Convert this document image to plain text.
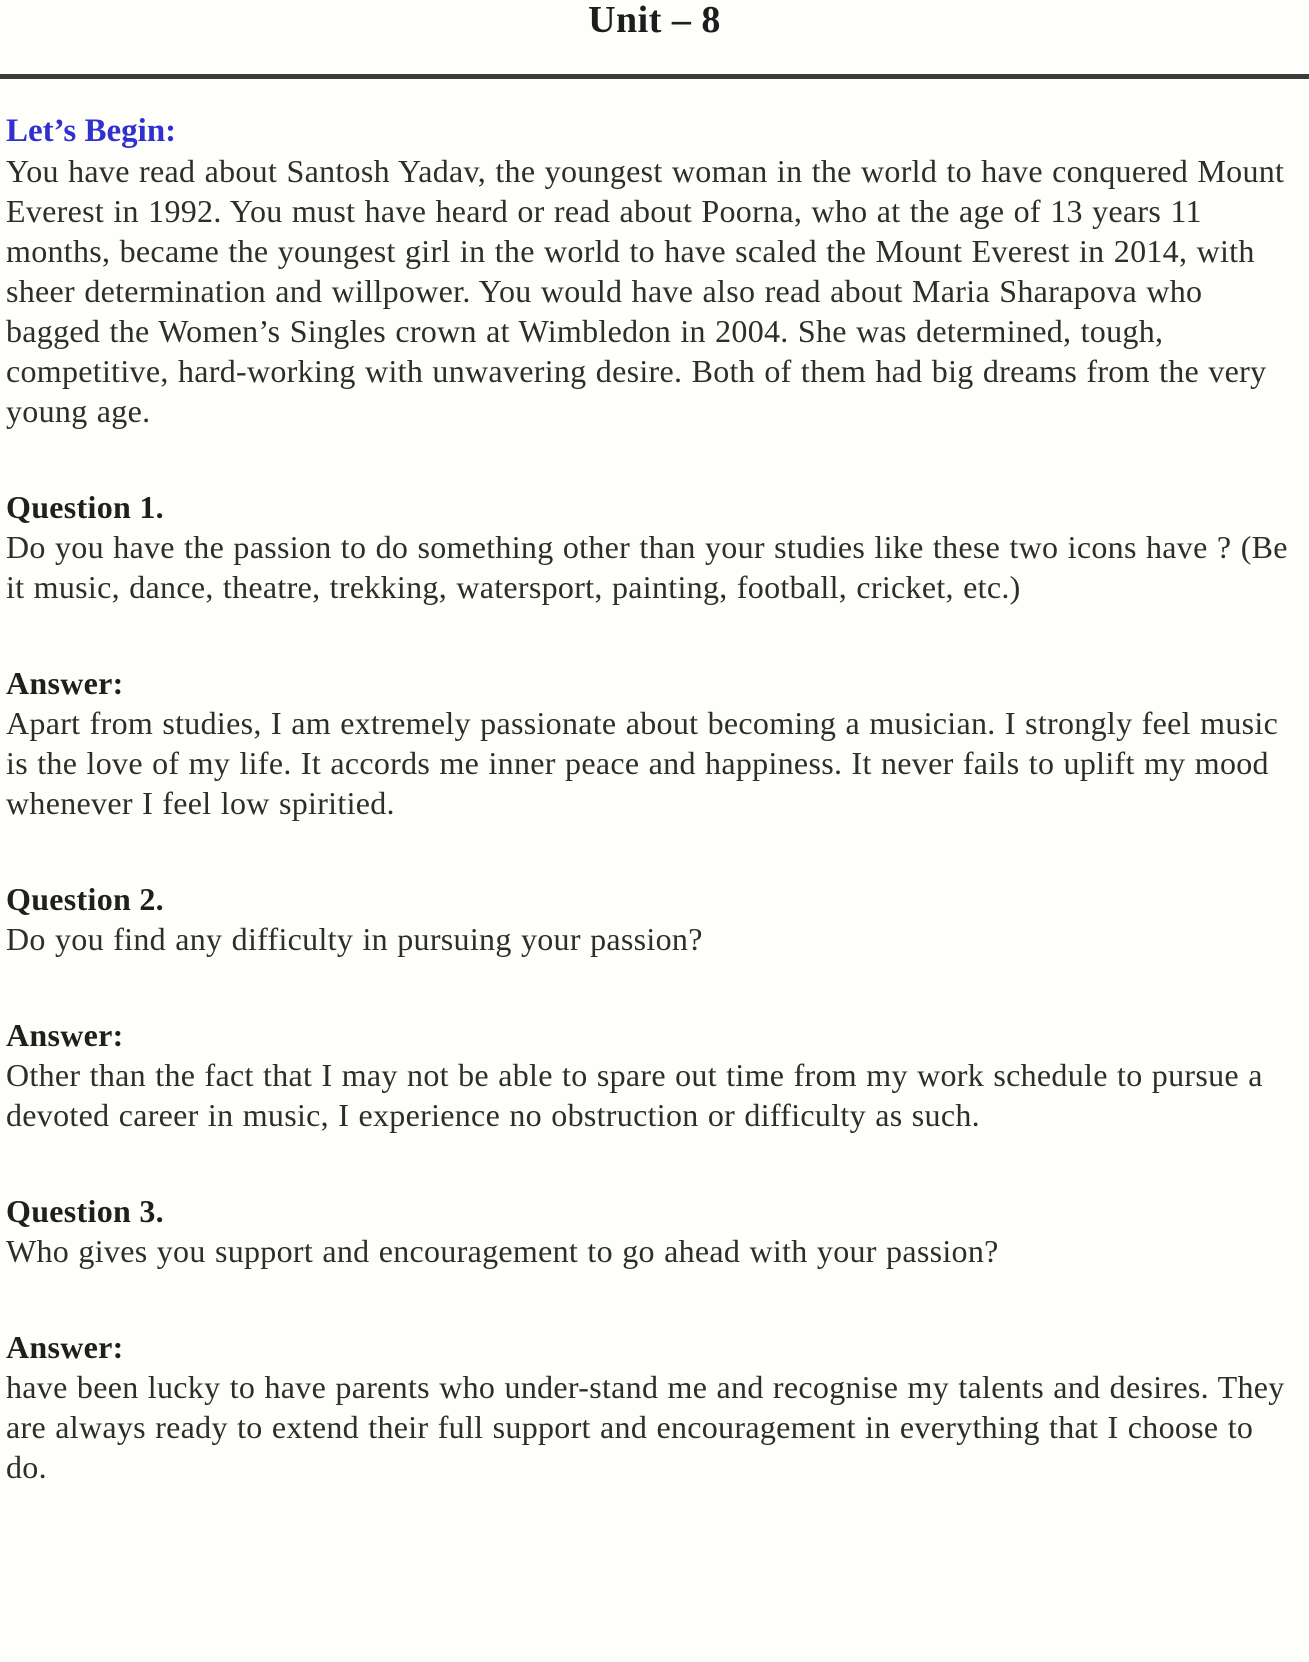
Unit – 8
Let’s Begin:

You have read about Santosh Yadav, the youngest woman in the world to have conquered Mount Everest in 1992. You must have heard or read about Poorna, who at the age of 13 years 11 months, became the youngest girl in the world to have scaled the Mount Everest in 2014, with sheer determination and willpower. You would have also read about Maria Sharapova who bagged the Women’s Singles crown at Wimbledon in 2004. She was determined, tough, competitive, hard-working with unwavering desire. Both of them had big dreams from the very young age.

Question 1.

Do you have the passion to do something other than your studies like these two icons have ? (Be it music, dance, theatre, trekking, watersport, painting, football, cricket, etc.)

Answer:

Apart from studies, I am extremely passionate about becoming a musician. I strongly feel music is the love of my life. It accords me inner peace and happiness. It never fails to uplift my mood whenever I feel low spiritied.

Question 2.

Do you find any difficulty in pursuing your passion?

Answer:

Other than the fact that I may not be able to spare out time from my work schedule to pursue a devoted career in music, I experience no obstruction or difficulty as such.

Question 3.

Who gives you support and encouragement to go ahead with your passion?

Answer:

have been lucky to have parents who under-stand me and recognise my talents and desires. They are always ready to extend their full support and encouragement in everything that I choose to do.
